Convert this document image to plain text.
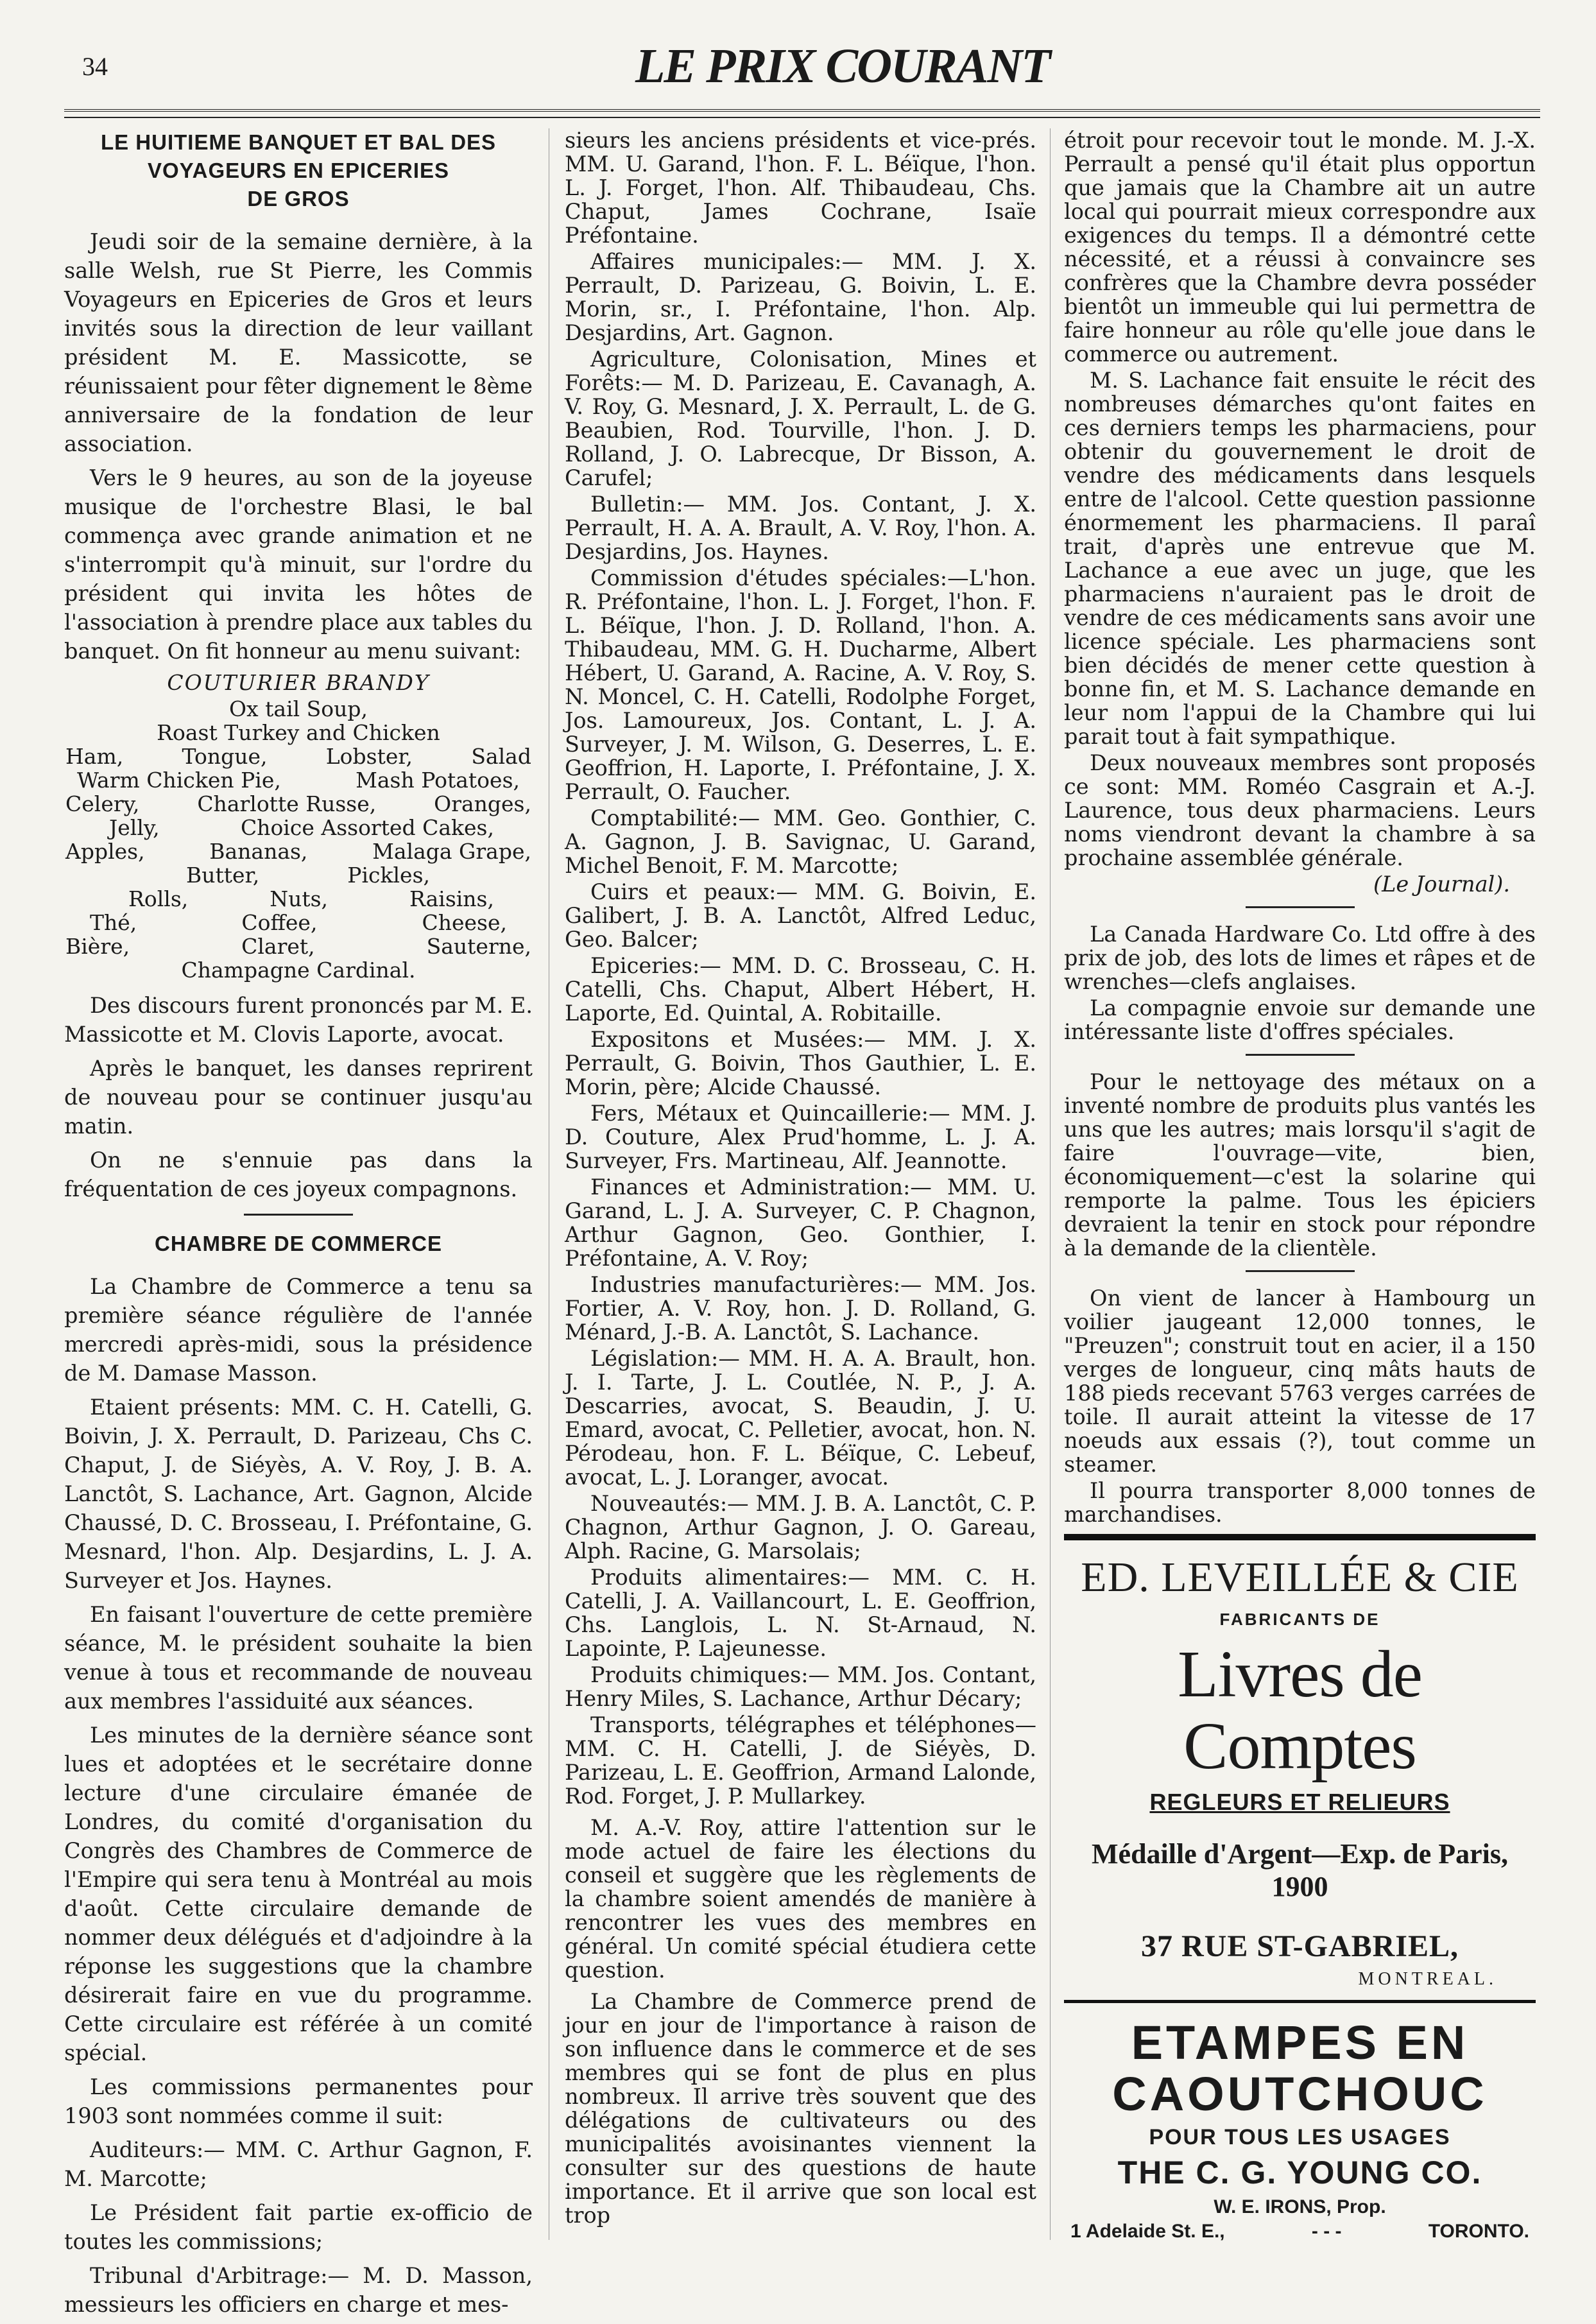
34	LE PRIX COURANT
LE HUITIEME BANQUET ET BAL DES
VOYAGEURS EN EPICERIES
DE GROS

Jeudi soir de la semaine dernière, à la salle Welsh, rue St Pierre, les Commis Voyageurs en Epiceries de Gros et leurs invités sous la direction de leur vaillant président M. E. Massicotte, se réunissaient pour fêter dignement le 8ème anniversaire de la fondation de leur association.

Vers le 9 heures, au son de la joyeuse musique de l'orchestre Blasi, le bal commença avec grande animation et ne s'interrompit qu'à minuit, sur l'ordre du président qui invita les hôtes de l'association à prendre place aux tables du banquet. On fit honneur au menu suivant:

COUTURIER BRANDY
Ox tail Soup,
Roast Turkey and Chicken
Ham,	Tongue,	Lobster,	Salad
Warm Chicken Pie,	Mash Potatoes,
Celery,	Charlotte Russe,	Oranges,
Jelly,	Choice Assorted Cakes,
Apples,	Bananas,	Malaga Grape,
Butter,	Pickles,
Rolls,	Nuts,	Raisins,
Thé,	Coffee,	Cheese,
Bière,	Claret,	Sauterne,
Champagne Cardinal.

Des discours furent prononcés par M. E. Massicotte et M. Clovis Laporte, avocat.

Après le banquet, les danses reprirent de nouveau pour se continuer jusqu'au matin.

On ne s'ennuie pas dans la fréquentation de ces joyeux compagnons.

CHAMBRE DE COMMERCE

La Chambre de Commerce a tenu sa première séance régulière de l'année mercredi après-midi, sous la présidence de M. Damase Masson.

Etaient présents: MM. C. H. Catelli, G. Boivin, J. X. Perrault, D. Parizeau, Chs C. Chaput, J. de Siéyès, A. V. Roy, J. B. A. Lanctôt, S. Lachance, Art. Gagnon, Alcide Chaussé, D. C. Brosseau, I. Préfontaine, G. Mesnard, l'hon. Alp. Desjardins, L. J. A. Surveyer et Jos. Haynes.

En faisant l'ouverture de cette première séance, M. le président souhaite la bien venue à tous et recommande de nouveau aux membres l'assiduité aux séances.

Les minutes de la dernière séance sont lues et adoptées et le secrétaire donne lecture d'une circulaire émanée de Londres, du comité d'organisation du Congrès des Chambres de Commerce de l'Empire qui sera tenu à Montréal au mois d'août. Cette circulaire demande de nommer deux délégués et d'adjoindre à la réponse les suggestions que la chambre désirerait faire en vue du programme. Cette circulaire est référée à un comité spécial.

Les commissions permanentes pour 1903 sont nommées comme il suit:

Auditeurs:— MM. C. Arthur Gagnon, F. M. Marcotte;

Le Président fait partie ex-officio de toutes les commissions;

Tribunal d'Arbitrage:— M. D. Masson, messieurs les officiers en charge et mes-

sieurs les anciens présidents et vice-prés. MM. U. Garand, l'hon. F. L. Béïque, l'hon. L. J. Forget, l'hon. Alf. Thibaudeau, Chs. Chaput, James Cochrane, Isaïe Préfontaine.

Affaires municipales:— MM. J. X. Perrault, D. Parizeau, G. Boivin, L. E. Morin, sr., I. Préfontaine, l'hon. Alp. Desjardins, Art. Gagnon.

Agriculture, Colonisation, Mines et Forêts:— M. D. Parizeau, E. Cavanagh, A. V. Roy, G. Mesnard, J. X. Perrault, L. de G. Beaubien, Rod. Tourville, l'hon. J. D. Rolland, J. O. Labrecque, Dr Bisson, A. Carufel;

Bulletin:— MM. Jos. Contant, J. X. Perrault, H. A. A. Brault, A. V. Roy, l'hon. A. Desjardins, Jos. Haynes.

Commission d'études spéciales:—L'hon. R. Préfontaine, l'hon. L. J. Forget, l'hon. F. L. Béïque, l'hon. J. D. Rolland, l'hon. A. Thibaudeau, MM. G. H. Ducharme, Albert Hébert, U. Garand, A. Racine, A. V. Roy, S. N. Moncel, C. H. Catelli, Rodolphe Forget, Jos. Lamoureux, Jos. Contant, L. J. A. Surveyer, J. M. Wilson, G. Deserres, L. E. Geoffrion, H. Laporte, I. Préfontaine, J. X. Perrault, O. Faucher.

Comptabilité:— MM. Geo. Gonthier, C. A. Gagnon, J. B. Savignac, U. Garand, Michel Benoit, F. M. Marcotte;

Cuirs et peaux:— MM. G. Boivin, E. Galibert, J. B. A. Lanctôt, Alfred Leduc, Geo. Balcer;

Epiceries:— MM. D. C. Brosseau, C. H. Catelli, Chs. Chaput, Albert Hébert, H. Laporte, Ed. Quintal, A. Robitaille.

Expositons et Musées:— MM. J. X. Perrault, G. Boivin, Thos Gauthier, L. E. Morin, père; Alcide Chaussé.

Fers, Métaux et Quincaillerie:— MM. J. D. Couture, Alex Prud'homme, L. J. A. Surveyer, Frs. Martineau, Alf. Jeannotte.

Finances et Administration:— MM. U. Garand, L. J. A. Surveyer, C. P. Chagnon, Arthur Gagnon, Geo. Gonthier, I. Préfontaine, A. V. Roy;

Industries manufacturières:— MM. Jos. Fortier, A. V. Roy, hon. J. D. Rolland, G. Ménard, J.-B. A. Lanctôt, S. Lachance.

Législation:— MM. H. A. A. Brault, hon. J. I. Tarte, J. L. Coutlée, N. P., J. A. Descarries, avocat, S. Beaudin, J. U. Emard, avocat, C. Pelletier, avocat, hon. N. Pérodeau, hon. F. L. Béïque, C. Lebeuf, avocat, L. J. Loranger, avocat.

Nouveautés:— MM. J. B. A. Lanctôt, C. P. Chagnon, Arthur Gagnon, J. O. Gareau, Alph. Racine, G. Marsolais;

Produits alimentaires:— MM. C. H. Catelli, J. A. Vaillancourt, L. E. Geoffrion, Chs. Langlois, L. N. St-Arnaud, N. Lapointe, P. Lajeunesse.

Produits chimiques:— MM. Jos. Contant, Henry Miles, S. Lachance, Arthur Décary;

Transports, télégraphes et téléphones— MM. C. H. Catelli, J. de Siéyès, D. Parizeau, L. E. Geoffrion, Armand Lalonde, Rod. Forget, J. P. Mullarkey.

M. A.-V. Roy, attire l'attention sur le mode actuel de faire les élections du conseil et suggère que les règlements de la chambre soient amendés de manière à rencontrer les vues des membres en général. Un comité spécial étudiera cette question.

La Chambre de Commerce prend de jour en jour de l'importance à raison de son influence dans le commerce et de ses membres qui se font de plus en plus nombreux. Il arrive très souvent que des délégations de cultivateurs ou des municipalités avoisinantes viennent la consulter sur des questions de haute importance. Et il arrive que son local est trop

étroit pour recevoir tout le monde. M. J.-X. Perrault a pensé qu'il était plus opportun que jamais que la Chambre ait un autre local qui pourrait mieux correspondre aux exigences du temps. Il a démontré cette nécessité, et a réussi à convaincre ses confrères que la Chambre devra posséder bientôt un immeuble qui lui permettra de faire honneur au rôle qu'elle joue dans le commerce ou autrement.

M. S. Lachance fait ensuite le récit des nombreuses démarches qu'ont faites en ces derniers temps les pharmaciens, pour obtenir du gouvernement le droit de vendre des médicaments dans lesquels entre de l'alcool. Cette question passionne énormement les pharmaciens. Il paraî trait, d'après une entrevue que M. Lachance a eue avec un juge, que les pharmaciens n'auraient pas le droit de vendre de ces médicaments sans avoir une licence spéciale. Les pharmaciens sont bien décidés de mener cette question à bonne fin, et M. S. Lachance demande en leur nom l'appui de la Chambre qui lui parait tout à fait sympathique.

Deux nouveaux membres sont proposés ce sont: MM. Roméo Casgrain et A.-J. Laurence, tous deux pharmaciens. Leurs noms viendront devant la chambre à sa prochaine assemblée générale.

(Le Journal).

La Canada Hardware Co. Ltd offre à des prix de job, des lots de limes et râpes et de wrenches—clefs anglaises.

La compagnie envoie sur demande une intéressante liste d'offres spéciales.

Pour le nettoyage des métaux on a inventé nombre de produits plus vantés les uns que les autres; mais lorsqu'il s'agit de faire l'ouvrage—vite, bien, économiquement—c'est la solarine qui remporte la palme. Tous les épiciers devraient la tenir en stock pour répondre à la demande de la clientèle.

On vient de lancer à Hambourg un voilier jaugeant 12,000 tonnes, le "Preuzen"; construit tout en acier, il a 150 verges de longueur, cinq mâts hauts de 188 pieds recevant 5763 verges carrées de toile. Il aurait atteint la vitesse de 17 noeuds aux essais (?), tout comme un steamer.

Il pourra transporter 8,000 tonnes de marchandises.

ED. LEVEILLÉE & CIE
FABRICANTS DE
Livres de Comptes
REGLEURS ET RELIEURS
Médaille d'Argent—Exp. de Paris, 1900
37 RUE ST-GABRIEL,
MONTREAL.
ETAMPES EN
CAOUTCHOUC
POUR TOUS LES USAGES
THE C. G. YOUNG CO.
W. E. IRONS, Prop.
1 Adelaide St. E.,	- - -	TORONTO.
